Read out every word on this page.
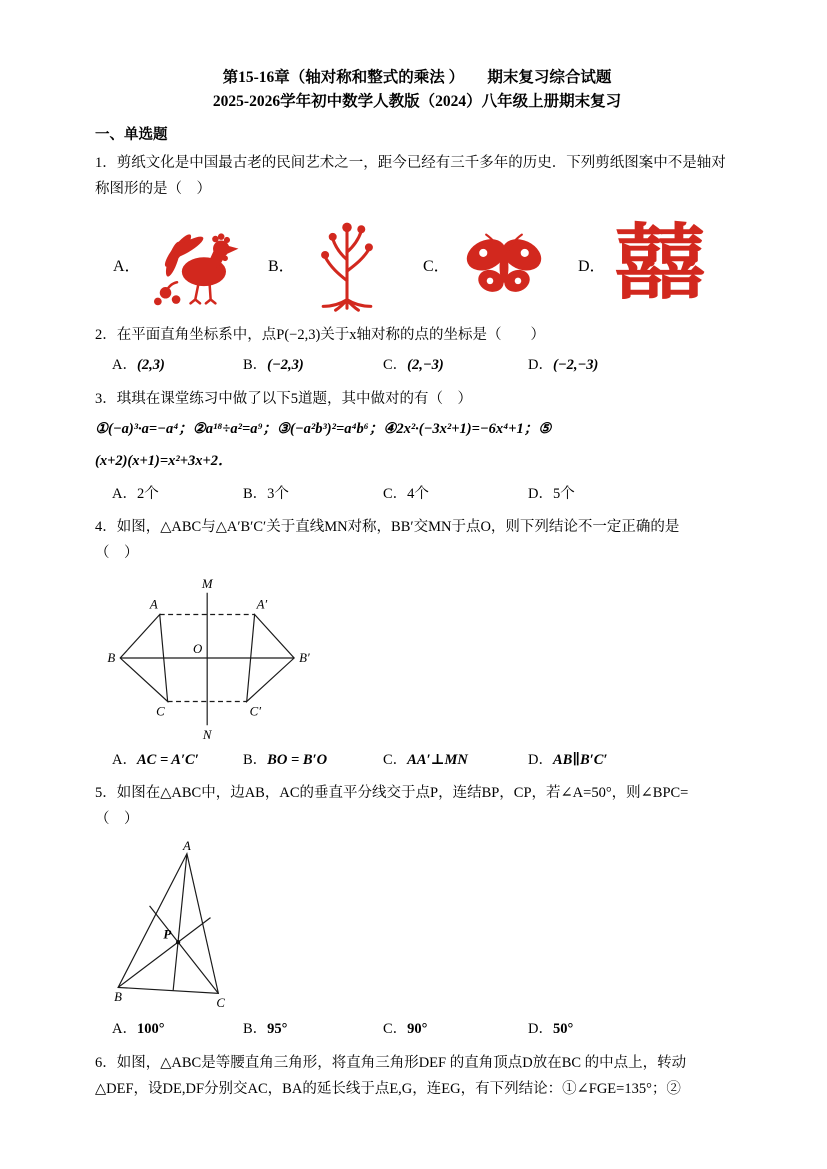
第15-16章（轴对称和整式的乘法 ）　　期末复习综合试题
2025-2026学年初中数学人教版（2024）八年级上册期末复习
一、单选题

1．剪纸文化是中国最古老的民间艺术之一，距今已经有三千多年的历史．下列剪纸图案中不是轴对称图形的是（　）

A．	B．	C．	D． 囍

2．在平面直角坐标系中，点P(−2,3)关于x轴对称的点的坐标是（　　）

A．(2,3)	B．(−2,3)	C．(2,−3)	D．(−2,−3)

3．琪琪在课堂练习中做了以下5道题，其中做对的有（　）

①(−a)³·a=−a⁴；②a¹⁸÷a²=a⁹；③(−a²b³)²=a⁴b⁶；④2x²·(−3x²+1)=−6x⁴+1；⑤

(x+2)(x+1)=x²+3x+2．

A．2个	B．3个	C．4个	D．5个

4．如图，△ABC与△A′B′C′关于直线MN对称，BB′交MN于点O，则下列结论不一定正确的是

（　）

M
N
O
A
B
C
A′
B′
C′
A．AC = A′C′	B．BO = B′O	C．AA′⊥MN	D．AB∥B′C′

5．如图在△ABC中，边AB，AC的垂直平分线交于点P，连结BP，CP，若∠A=50°，则∠BPC=

（　）

A
B	C
P
A．100°	B．95°	C．90°	D．50°

6．如图，△ABC是等腰直角三角形，将直角三角形DEF 的直角顶点D放在BC 的中点上，转动

△DEF，设DE,DF分别交AC，BA的延长线于点E,G，连EG，有下列结论：①∠FGE=135°；②
